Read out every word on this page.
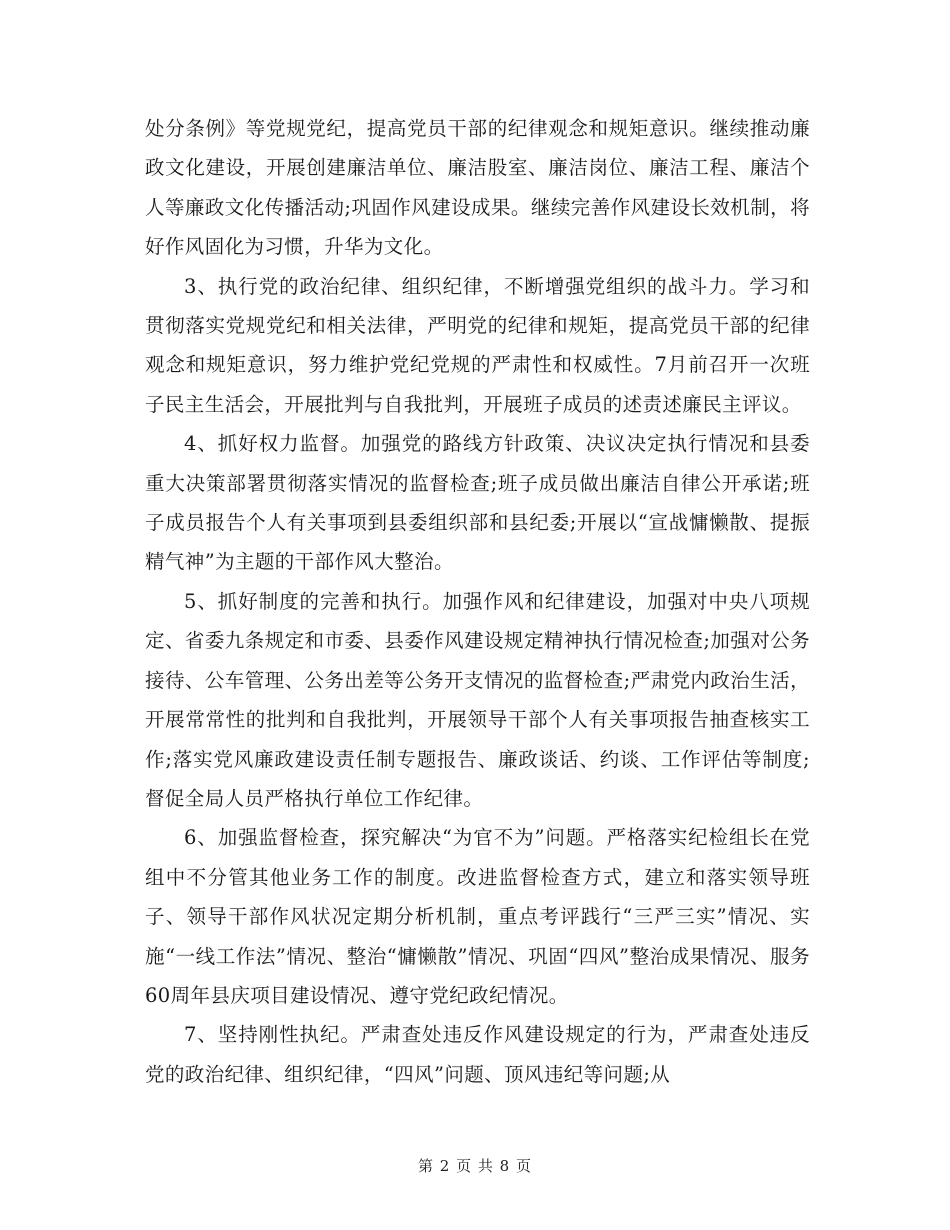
处分条例》等党规党纪，提高党员干部的纪律观念和规矩意识。继续推动廉政文化建设，开展创建廉洁单位、廉洁股室、廉洁岗位、廉洁工程、廉洁个人等廉政文化传播活动;巩固作风建设成果。继续完善作风建设长效机制，将好作风固化为习惯，升华为文化。

3、执行党的政治纪律、组织纪律，不断增强党组织的战斗力。学习和贯彻落实党规党纪和相关法律，严明党的纪律和规矩，提高党员干部的纪律观念和规矩意识，努力维护党纪党规的严肃性和权威性。7月前召开一次班子民主生活会，开展批判与自我批判，开展班子成员的述责述廉民主评议。

4、抓好权力监督。加强党的路线方针政策、决议决定执行情况和县委重大决策部署贯彻落实情况的监督检查;班子成员做出廉洁自律公开承诺;班子成员报告个人有关事项到县委组织部和县纪委;开展以“宣战慵懒散、提振精气神”为主题的干部作风大整治。

5、抓好制度的完善和执行。加强作风和纪律建设，加强对中央八项规定、省委九条规定和市委、县委作风建设规定精神执行情况检查;加强对公务接待、公车管理、公务出差等公务开支情况的监督检查;严肃党内政治生活，开展常常性的批判和自我批判，开展领导干部个人有关事项报告抽查核实工作;落实党风廉政建设责任制专题报告、廉政谈话、约谈、工作评估等制度;督促全局人员严格执行单位工作纪律。

6、加强监督检查，探究解决“为官不为”问题。严格落实纪检组长在党组中不分管其他业务工作的制度。改进监督检查方式，建立和落实领导班子、领导干部作风状况定期分析机制，重点考评践行“三严三实”情况、实施“一线工作法”情况、整治“慵懒散”情况、巩固“四风”整治成果情况、服务60周年县庆项目建设情况、遵守党纪政纪情况。

7、坚持刚性执纪。严肃查处违反作风建设规定的行为，严肃查处违反党的政治纪律、组织纪律，“四风”问题、顶风违纪等问题;从

第 2 页 共 8 页
